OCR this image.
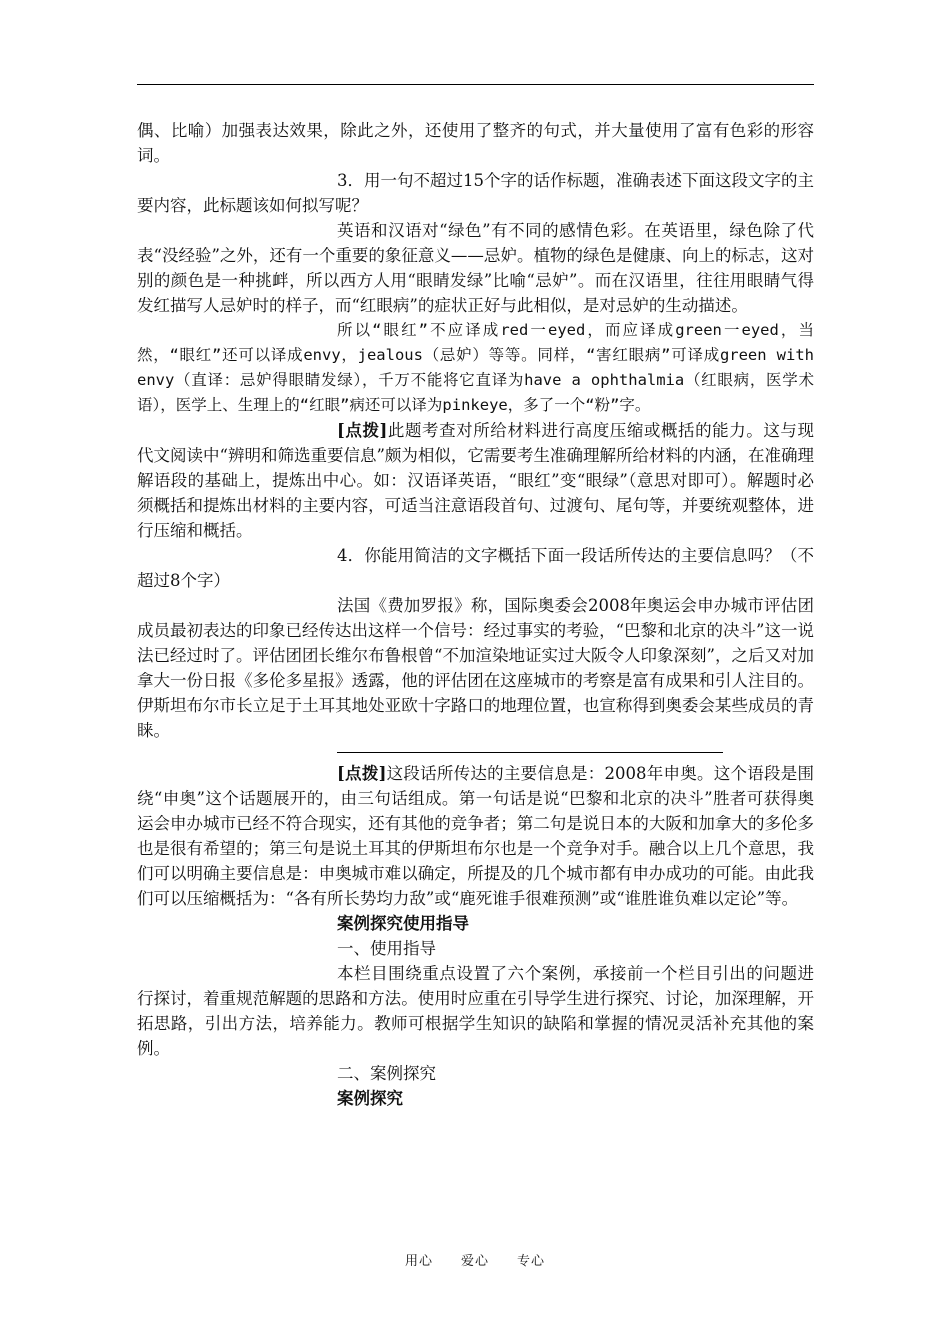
偶、比喻）加强表达效果，除此之外，还使用了整齐的句式，并大量使用了富有色彩的形容词。

3．用一句不超过15个字的话作标题，准确表述下面这段文字的主要内容，此标题该如何拟写呢？

英语和汉语对“绿色”有不同的感情色彩。在英语里，绿色除了代表“没经验”之外，还有一个重要的象征意义——忌妒。植物的绿色是健康、向上的标志，这对别的颜色是一种挑衅，所以西方人用“眼睛发绿”比喻“忌妒”。而在汉语里，往往用眼睛气得发红描写人忌妒时的样子，而“红眼病”的症状正好与此相似，是对忌妒的生动描述。

所以“眼红”不应译成red一eyed，而应译成green一eyed，当然，“眼红”还可以译成envy，jealous（忌妒）等等。同样，“害红眼病”可译成green with envy（直译：忌妒得眼睛发绿），千万不能将它直译为have a ophthalmia（红眼病，医学术语），医学上、生理上的“红眼”病还可以译为pinkeye，多了一个“粉”字。

[点拨]此题考查对所给材料进行高度压缩或概括的能力。这与现代文阅读中“辨明和筛选重要信息”颇为相似，它需要考生准确理解所给材料的内涵，在准确理解语段的基础上，提炼出中心。如：汉语译英语，“眼红”变“眼绿”（意思对即可）。解题时必须概括和提炼出材料的主要内容，可适当注意语段首句、过渡句、尾句等，并要统观整体，进行压缩和概括。

4．你能用简洁的文字概括下面一段话所传达的主要信息吗？（不超过8个字）

法国《费加罗报》称，国际奥委会2008年奥运会申办城市评估团成员最初表达的印象已经传达出这样一个信号：经过事实的考验，“巴黎和北京的决斗”这一说法已经过时了。评估团团长维尔布鲁根曾“不加渲染地证实过大阪令人印象深刻”，之后又对加拿大一份日报《多伦多星报》透露，他的评估团在这座城市的考察是富有成果和引人注目的。伊斯坦布尔市长立足于土耳其地处亚欧十字路口的地理位置，也宣称得到奥委会某些成员的青睐。

[点拨]这段话所传达的主要信息是：2008年申奥。这个语段是围绕“申奥”这个话题展开的，由三句话组成。第一句话是说“巴黎和北京的决斗”胜者可获得奥运会申办城市已经不符合现实，还有其他的竞争者；第二句是说日本的大阪和加拿大的多伦多也是很有希望的；第三句是说土耳其的伊斯坦布尔也是一个竞争对手。融合以上几个意思，我们可以明确主要信息是：申奥城市难以确定，所提及的几个城市都有申办成功的可能。由此我们可以压缩概括为：“各有所长势均力敌”或“鹿死谁手很难预测”或“谁胜谁负难以定论”等。

案例探究使用指导

一、使用指导

本栏目围绕重点设置了六个案例，承接前一个栏目引出的问题进行探讨，着重规范解题的思路和方法。使用时应重在引导学生进行探究、讨论，加深理解，开拓思路，引出方法，培养能力。教师可根据学生知识的缺陷和掌握的情况灵活补充其他的案例。

二、案例探究

案例探究

用心　　爱心　　专心
